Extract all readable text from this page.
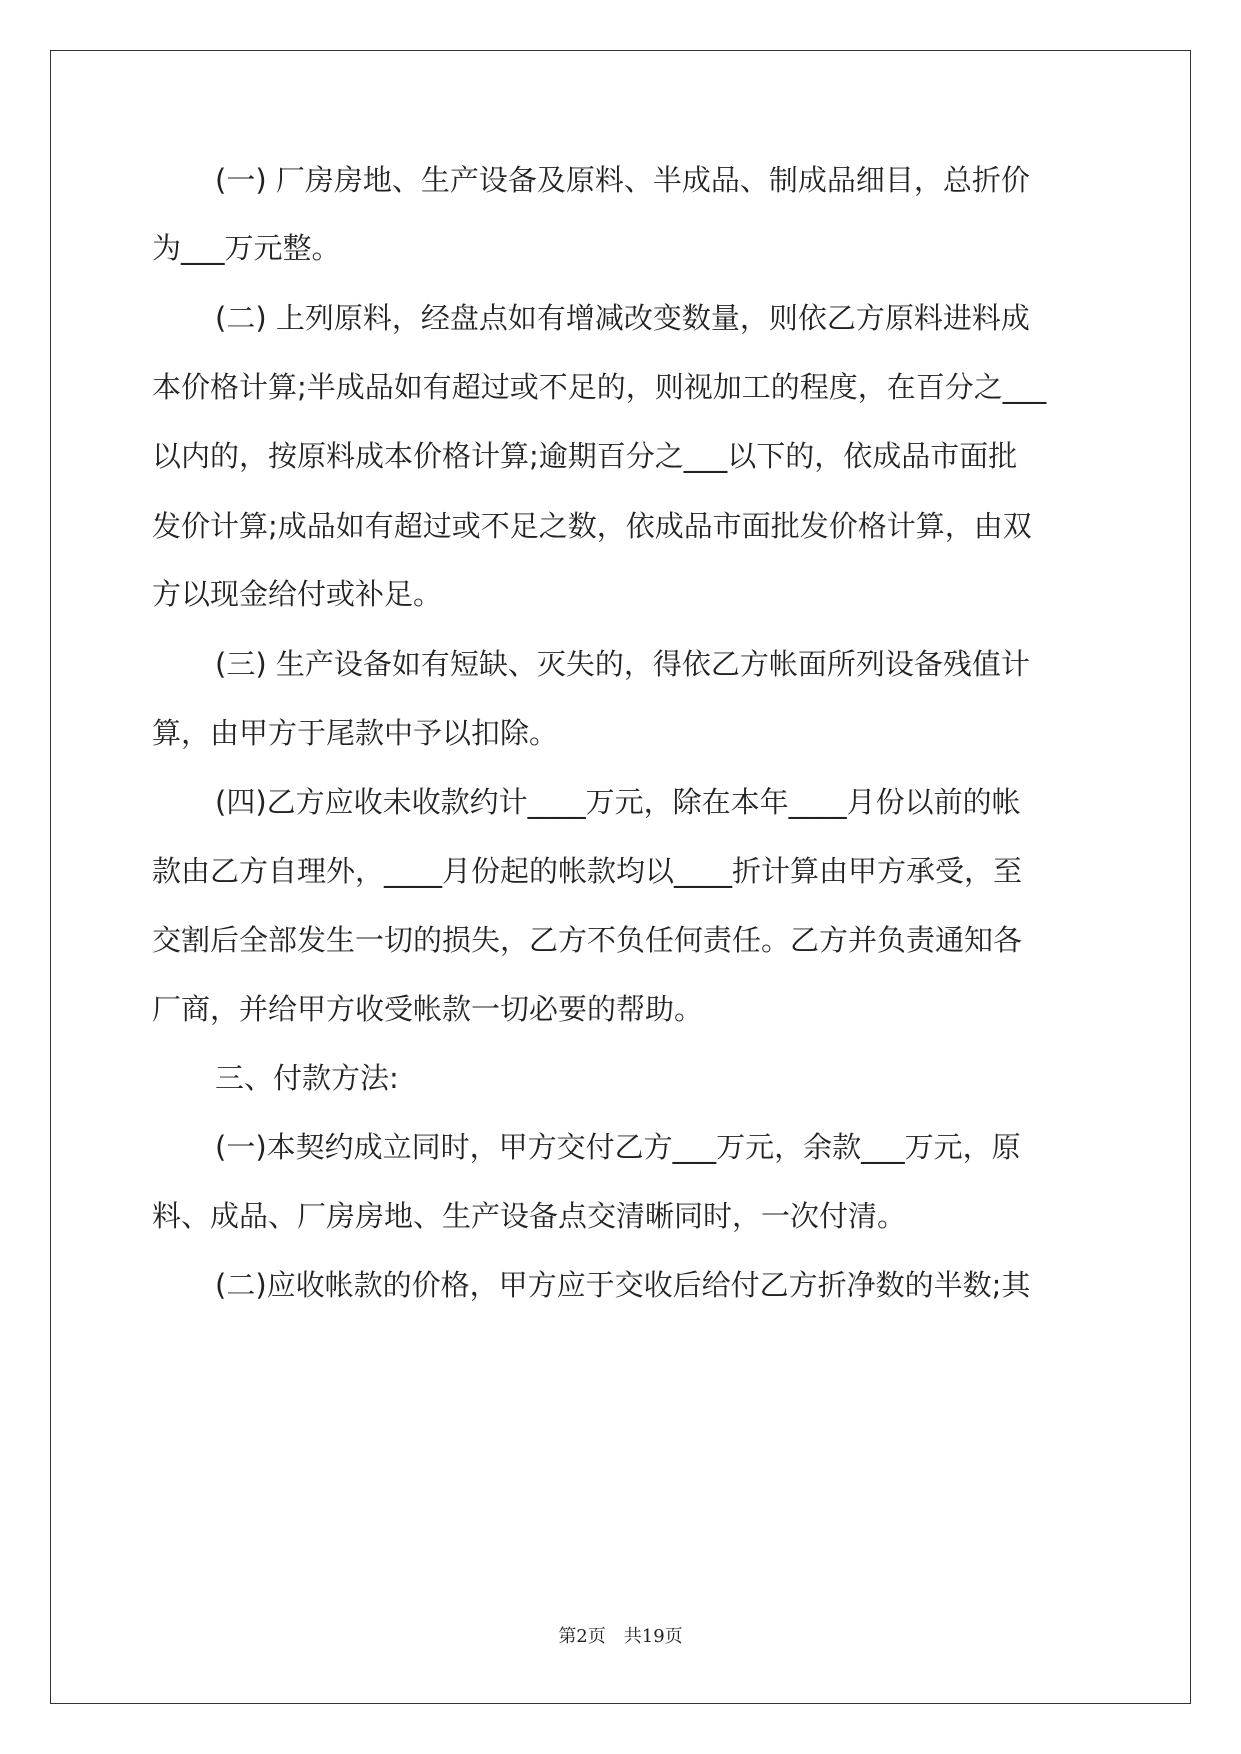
(一) 厂房房地、生产设备及原料、半成品、制成品细目，总折价
为___万元整。
(二) 上列原料，经盘点如有增减改变数量，则依乙方原料进料成
本价格计算;半成品如有超过或不足的，则视加工的程度，在百分之___
以内的，按原料成本价格计算;逾期百分之___以下的，依成品市面批
发价计算;成品如有超过或不足之数，依成品市面批发价格计算，由双
方以现金给付或补足。
(三) 生产设备如有短缺、灭失的，得依乙方帐面所列设备残值计
算，由甲方于尾款中予以扣除。
(四)乙方应收未收款约计____万元，除在本年____月份以前的帐
款由乙方自理外，____月份起的帐款均以____折计算由甲方承受，至
交割后全部发生一切的损失，乙方不负任何责任。乙方并负责通知各
厂商，并给甲方收受帐款一切必要的帮助。
三、付款方法:
(一)本契约成立同时，甲方交付乙方___万元，余款___万元，原
料、成品、厂房房地、生产设备点交清晰同时，一次付清。
(二)应收帐款的价格，甲方应于交收后给付乙方折净数的半数;其
第2页　共19页
